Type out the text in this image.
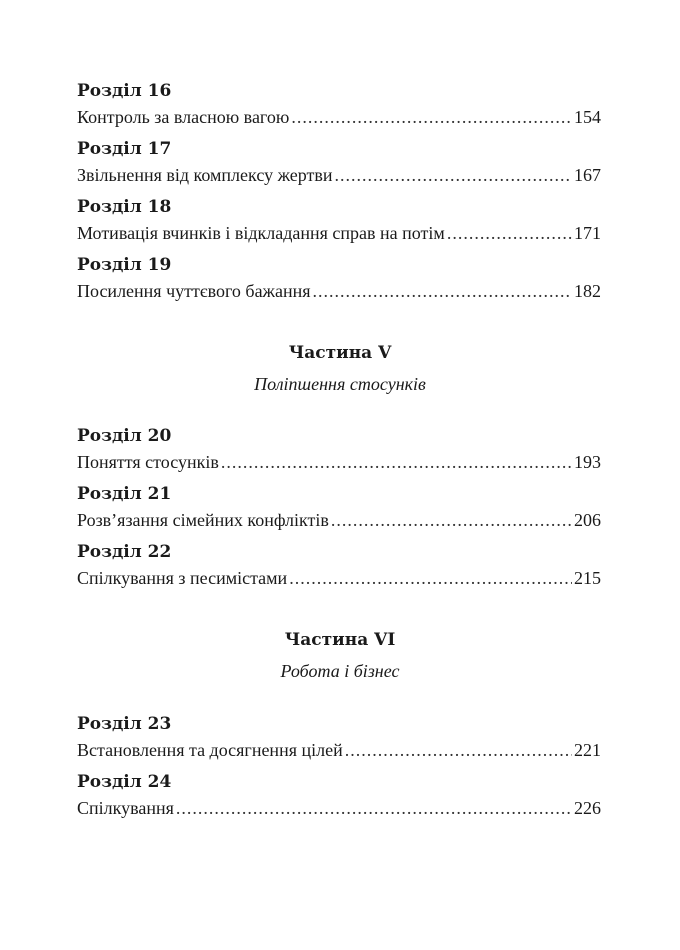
Розділ 16
Контроль за власною вагою .....	154
Розділ 17
Звільнення від комплексу жертви .....	167
Розділ 18
Мотивація вчинків і відкладання справ на потім .....	171
Розділ 19
Посилення чуттєвого бажання .....	182
Частина V
Поліпшення стосунків
Розділ 20
Поняття стосунків .....	193
Розділ 21
Розв’язання сімейних конфліктів .....	206
Розділ 22
Спілкування з песимістами .....	215
Частина VI
Робота і бізнес
Розділ 23
Встановлення та досягнення цілей .....	221
Розділ 24
Спілкування .....	226
